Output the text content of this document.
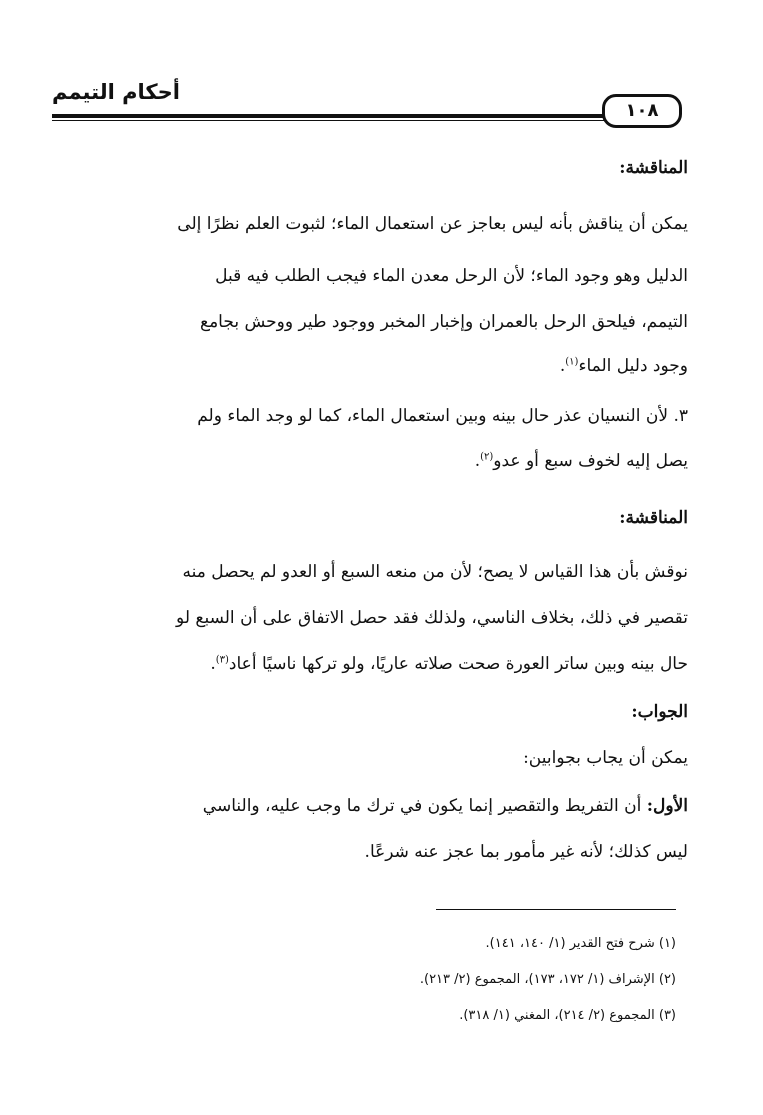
أحكام التيمم
١٠٨
المناقشة:
يمكن أن يناقش بأنه ليس بعاجز عن استعمال الماء؛ لثبوت العلم نظرًا إلى
الدليل وهو وجود الماء؛ لأن الرحل معدن الماء فيجب الطلب فيه قبل
التيمم، فيلحق الرحل بالعمران وإخبار المخبر ووجود طير ووحش بجامع
وجود دليل الماء$^{(١)}$.
٣. لأن النسيان عذر حال بينه وبين استعمال الماء، كما لو وجد الماء ولم
يصل إليه لخوف سبع أو عدو$^{(٢)}$.
المناقشة:
نوقش بأن هذا القياس لا يصح؛ لأن من منعه السبع أو العدو لم يحصل منه
تقصير في ذلك، بخلاف الناسي، ولذلك فقد حصل الاتفاق على أن السبع لو
حال بينه وبين ساتر العورة صحت صلاته عاريًا، ولو تركها ناسيًا أعاد$^{(٣)}$.
الجواب:
يمكن أن يجاب بجوابين:
الأول: أن التفريط والتقصير إنما يكون في ترك ما وجب عليه، والناسي
ليس كذلك؛ لأنه غير مأمور بما عجز عنه شرعًا.
(١) شرح فتح القدير (١/ ١٤٠، ١٤١).
(٢) الإشراف (١/ ١٧٢، ١٧٣)، المجموع (٢/ ٢١٣).
(٣) المجموع (٢/ ٢١٤)، المغني (١/ ٣١٨).
